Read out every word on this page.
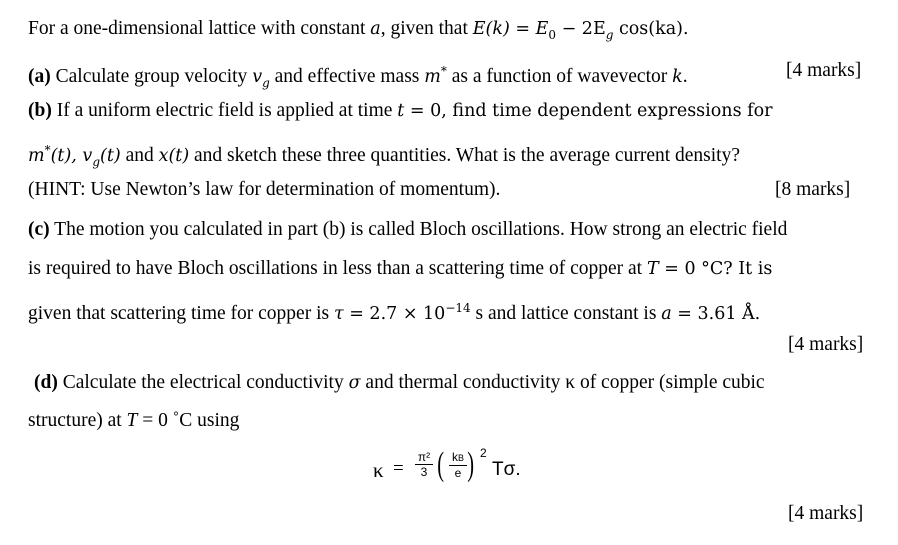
For a one-dimensional lattice with constant a, given that $E(k) = E_0 - 2E_g$ cos(ka).
(a) Calculate group velocity $v_g$ and effective mass m* as a function of wavevector k.	[4 marks]
(b) If a uniform electric field is applied at time t = 0, find time dependent expressions for
m*(t), $v_g(t)$ and x(t) and sketch these three quantities. What is the average current density?
(HINT: Use Newton’s law for determination of momentum).	[8 marks]
(c) The motion you calculated in part (b) is called Bloch oscillations. How strong an electric field
is required to have Bloch oscillations in less than a scattering time of copper at T = 0 °C? It is
given that scattering time for copper is $\tau = 2.7 \times 10^{-14}$ s and lattice constant is a = 3.61 Å.
[4 marks]
(d) Calculate the electrical conductivity σ and thermal conductivity κ of copper (simple cubic
structure) at T = 0 ˚C using
κ =
π²
3 ( kB
e ) 2
Tσ.
[4 marks]
